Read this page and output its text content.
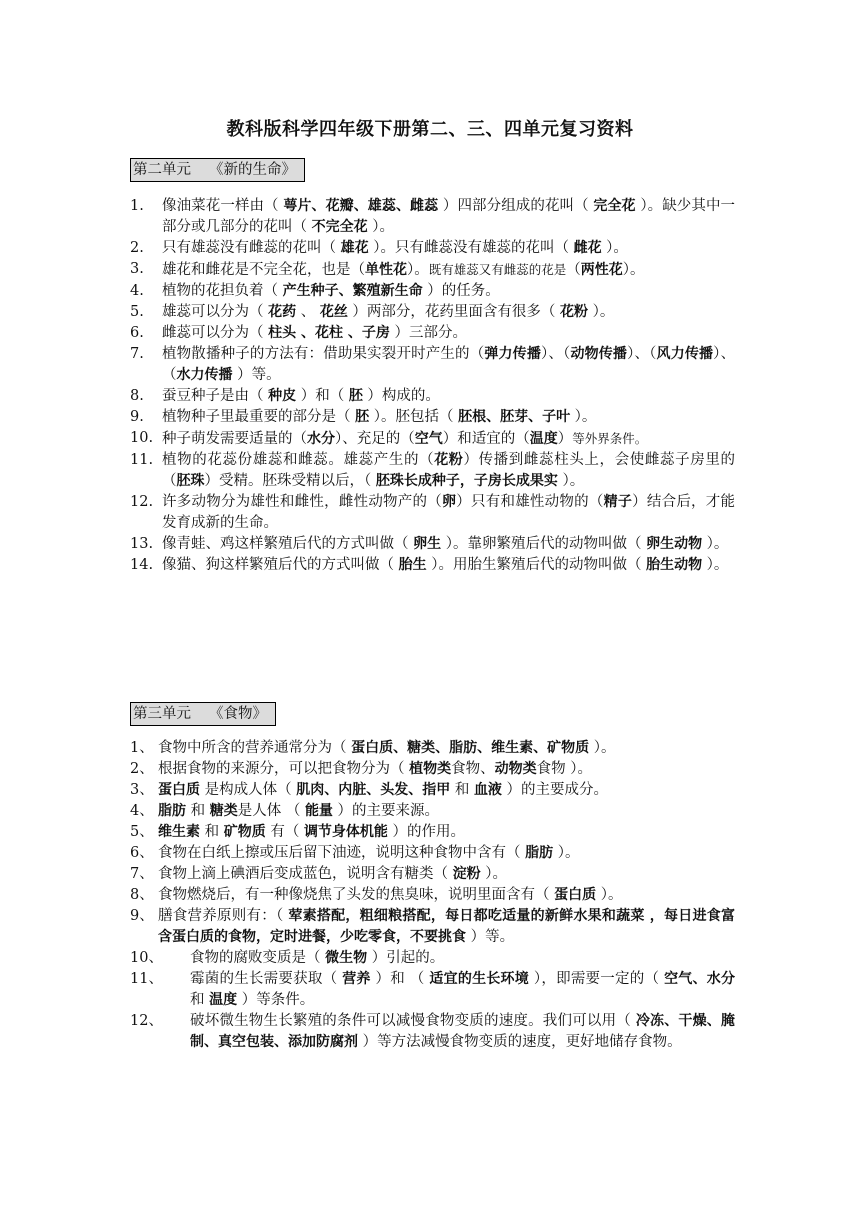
教科版科学四年级下册第二、三、四单元复习资料
第二单元 《新的生命》
1.	像油菜花一样由（ 萼片、花瓣、雄蕊、雌蕊 ）四部分组成的花叫（ 完全花 ）。缺少其中一部分或几部分的花叫（ 不完全花 ）。
2.	只有雄蕊没有雌蕊的花叫（ 雄花 ）。只有雌蕊没有雄蕊的花叫（ 雌花 ）。
3.	雄花和雌花是不完全花，也是（单性花）。既有雄蕊又有雌蕊的花是（两性花）。
4.	植物的花担负着（ 产生种子、繁殖新生命 ）的任务。
5.	雄蕊可以分为（ 花药 、 花丝 ）两部分，花药里面含有很多（ 花粉 ）。
6.	雌蕊可以分为（ 柱头 、花柱 、子房 ）三部分。
7.	植物散播种子的方法有：借助果实裂开时产生的（弹力传播）、（动物传播）、（风力传播）、（水力传播 ）等。
8.	蚕豆种子是由（ 种皮 ）和（ 胚 ）构成的。
9.	植物种子里最重要的部分是（ 胚 ）。胚包括（ 胚根、胚芽、子叶 ）。
10. 种子萌发需要适量的（水分）、充足的（空气）和适宜的（温度）等外界条件。
11. 植物的花蕊份雄蕊和雌蕊。雄蕊产生的（花粉）传播到雌蕊柱头上，会使雌蕊子房里的（胚珠）受精。胚珠受精以后，（ 胚珠长成种子，子房长成果实 ）。
12. 许多动物分为雄性和雌性，雌性动物产的（卵）只有和雄性动物的（精子）结合后，才能发育成新的生命。
13. 像青蛙、鸡这样繁殖后代的方式叫做（ 卵生 ）。靠卵繁殖后代的动物叫做（ 卵生动物 ）。
14. 像猫、狗这样繁殖后代的方式叫做（ 胎生 ）。用胎生繁殖后代的动物叫做（ 胎生动物 ）。
第三单元 《食物》
1、 食物中所含的营养通常分为（ 蛋白质、糖类、脂肪、维生素、矿物质 ）。
2、 根据食物的来源分，可以把食物分为（ 植物类食物、动物类食物 ）。
3、 蛋白质 是构成人体（ 肌肉、内脏、头发、指甲 和 血液 ）的主要成分。
4、 脂肪 和 糖类是人体 （ 能量 ）的主要来源。
5、 维生素 和 矿物质 有（ 调节身体机能 ）的作用。
6、 食物在白纸上擦或压后留下油迹，说明这种食物中含有（ 脂肪 ）。
7、 食物上滴上碘酒后变成蓝色，说明含有糖类（ 淀粉 ）。
8、 食物燃烧后，有一种像烧焦了头发的焦臭味，说明里面含有（ 蛋白质 ）。
9、 膳食营养原则有：（ 荤素搭配，粗细粮搭配，每日都吃适量的新鲜水果和蔬菜 ，每日进食富含蛋白质的食物，定时进餐，少吃零食，不要挑食 ）等。
10、	食物的腐败变质是（ 微生物 ）引起的。
11、	霉菌的生长需要获取（ 营养 ）和 （ 适宜的生长环境 ），即需要一定的（ 空气、水分和 温度 ）等条件。
12、	破坏微生物生长繁殖的条件可以减慢食物变质的速度。我们可以用（ 冷冻、干燥、腌制、真空包装、添加防腐剂 ）等方法减慢食物变质的速度，更好地储存食物。
